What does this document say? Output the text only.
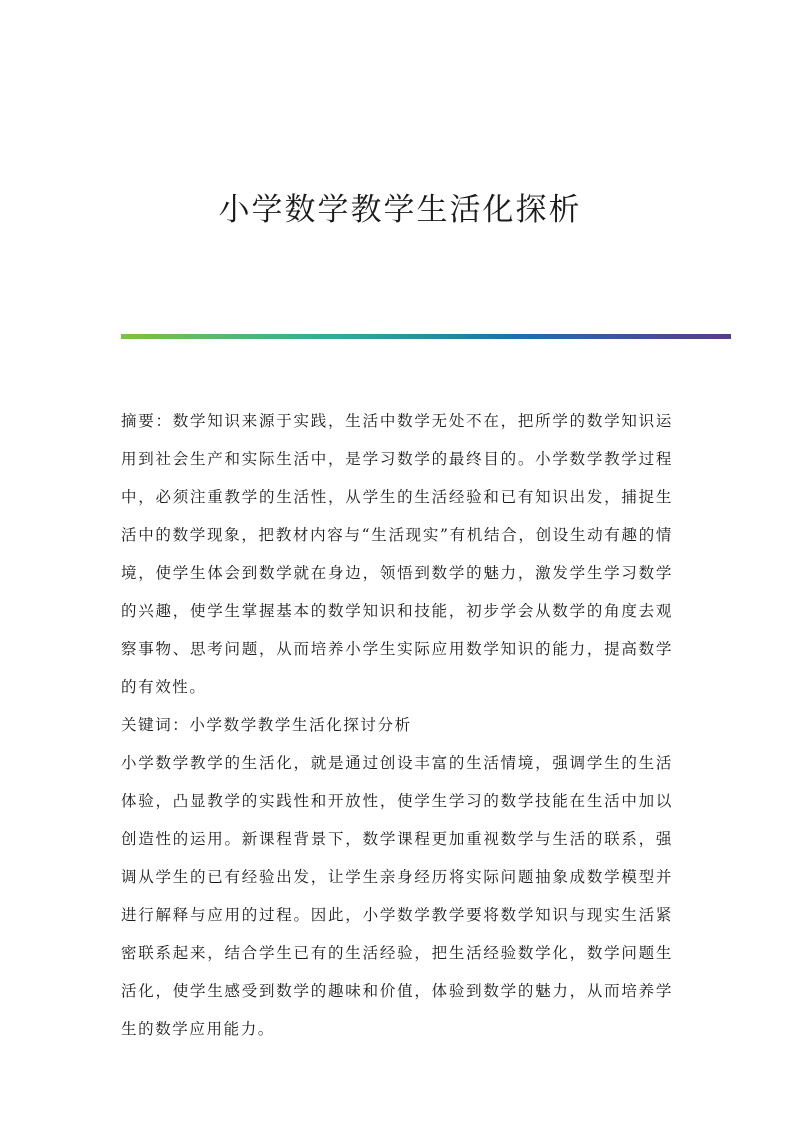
小学数学教学生活化探析

摘要：数学知识来源于实践，生活中数学无处不在，把所学的数学知识运用到社会生产和实际生活中，是学习数学的最终目的。小学数学教学过程中，必须注重教学的生活性，从学生的生活经验和已有知识出发，捕捉生活中的数学现象，把教材内容与“生活现实”有机结合，创设生动有趣的情境，使学生体会到数学就在身边，领悟到数学的魅力，激发学生学习数学的兴趣，使学生掌握基本的数学知识和技能，初步学会从数学的角度去观察事物、思考问题，从而培养小学生实际应用数学知识的能力，提高数学的有效性。

关键词：小学数学教学生活化探讨分析

小学数学教学的生活化，就是通过创设丰富的生活情境，强调学生的生活体验，凸显教学的实践性和开放性，使学生学习的数学技能在生活中加以创造性的运用。新课程背景下，数学课程更加重视数学与生活的联系，强调从学生的已有经验出发，让学生亲身经历将实际问题抽象成数学模型并进行解释与应用的过程。因此，小学数学教学要将数学知识与现实生活紧密联系起来，结合学生已有的生活经验，把生活经验数学化，数学问题生活化，使学生感受到数学的趣味和价值，体验到数学的魅力，从而培养学生的数学应用能力。
